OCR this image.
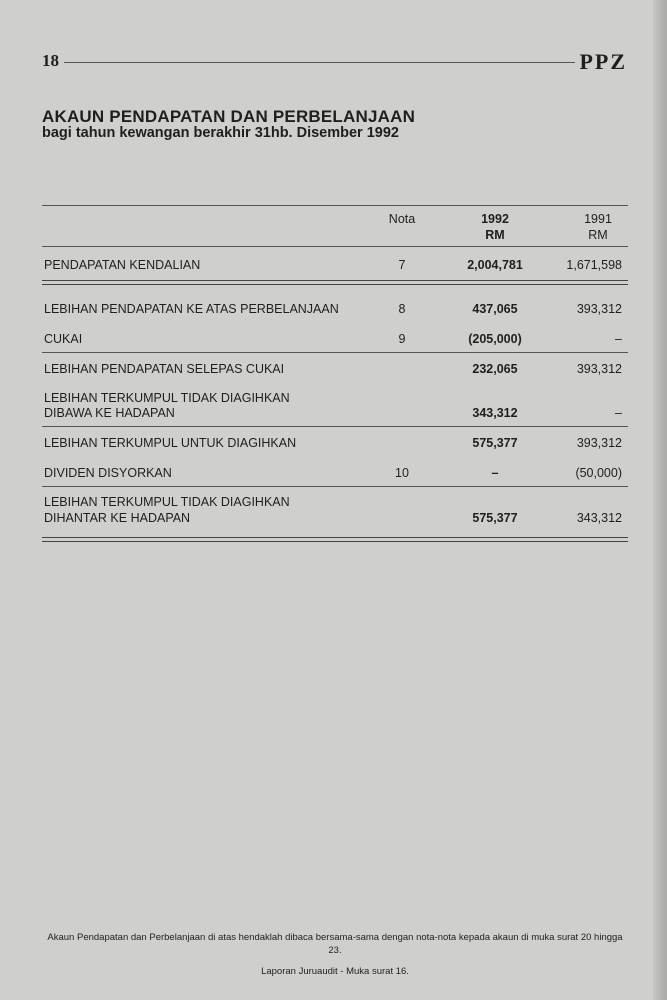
18	PPZ
AKAUN PENDAPATAN DAN PERBELANJAAN
bagi tahun kewangan berakhir 31hb. Disember 1992
Nota	1992	1991
RM	RM
PENDAPATAN KENDALIAN	7	2,004,781	1,671,598
LEBIHAN PENDAPATAN KE ATAS PERBELANJAAN	8	437,065	393,312
CUKAI	9	(205,000)	–
LEBIHAN PENDAPATAN SELEPAS CUKAI	232,065	393,312
LEBIHAN TERKUMPUL TIDAK DIAGIHKAN
DIBAWA KE HADAPAN	343,312	–
LEBIHAN TERKUMPUL UNTUK DIAGIHKAN	575,377	393,312
DIVIDEN DISYORKAN	10	–	(50,000)
LEBIHAN TERKUMPUL TIDAK DIAGIHKAN
DIHANTAR KE HADAPAN	575,377	343,312
Akaun Pendapatan dan Perbelanjaan di atas hendaklah dibaca bersama-sama dengan nota-nota kepada akaun di muka surat 20 hingga 23.
Laporan Juruaudit - Muka surat 16.
